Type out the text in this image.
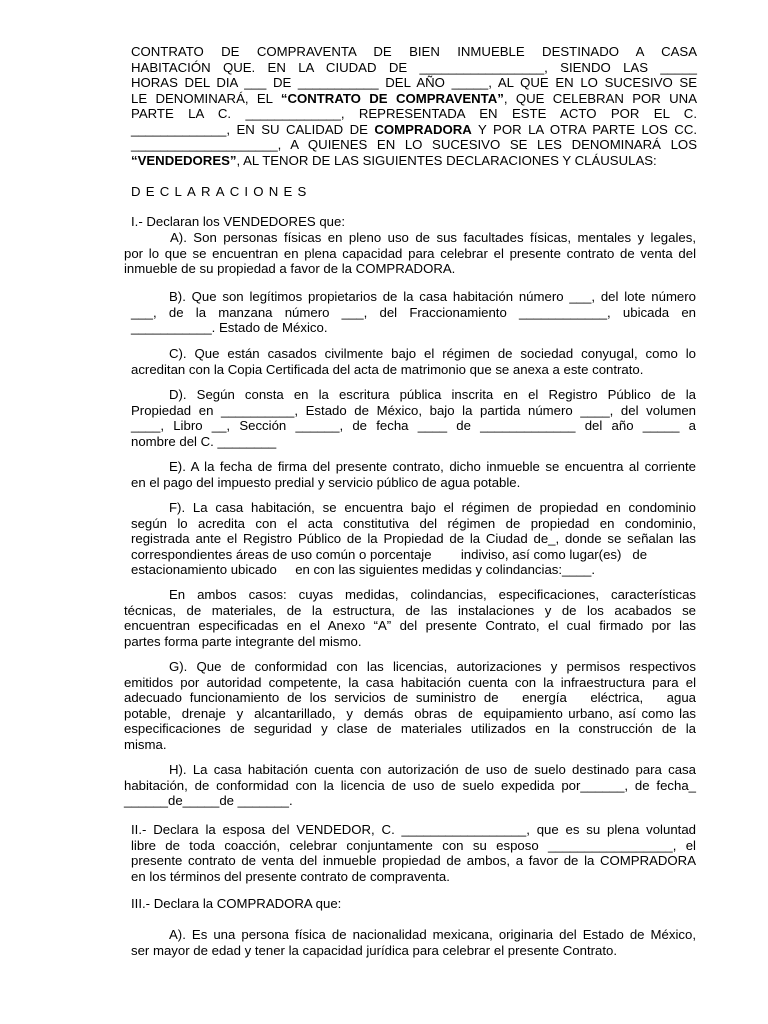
CONTRATO DE COMPRAVENTA DE BIEN INMUEBLE DESTINADO A CASA
HABITACIÓN QUE. EN LA CIUDAD DE _________________, SIENDO LAS _____
HORAS DEL DIA ___ DE ___________ DEL AÑO _____, AL QUE EN LO SUCESIVO SE
LE DENOMINARÁ, EL “CONTRATO DE COMPRAVENTA”, QUE CELEBRAN POR UNA
PARTE LA C. _____________, REPRESENTADA EN ESTE ACTO POR EL C.
_____________, EN SU CALIDAD DE COMPRADORA Y POR LA OTRA PARTE LOS CC.
____________________, A QUIENES EN LO SUCESIVO SE LES DENOMINARÁ LOS
“VENDEDORES”, AL TENOR DE LAS SIGUIENTES DECLARACIONES Y CLÁUSULAS:
DECLARACIONES
I.- Declaran los VENDEDORES que:
A). Son personas físicas en pleno uso de sus facultades físicas, mentales y legales,
por lo que se encuentran en plena capacidad para celebrar el presente contrato de venta del
inmueble de su propiedad a favor de la COMPRADORA.
B). Que son legítimos propietarios de la casa habitación número ___, del lote número
___, de la manzana número ___, del Fraccionamiento ____________, ubicada en
___________. Estado de México.
C). Que están casados civilmente bajo el régimen de sociedad conyugal, como lo
acreditan con la Copia Certificada del acta de matrimonio que se anexa a este contrato.
D). Según consta en la escritura pública inscrita en el Registro Público de la
Propiedad en __________, Estado de México, bajo la partida número ____, del volumen
____, Libro __, Sección ______, de fecha ____ de _____________ del año _____ a
nombre del C. ________
E). A la fecha de firma del presente contrato, dicho inmueble se encuentra al corriente
en el pago del impuesto predial y servicio público de agua potable.
F). La casa habitación, se encuentra bajo el régimen de propiedad en condominio
según lo acredita con el acta constitutiva del régimen de propiedad en condominio,
registrada ante el Registro Público de la Propiedad de la Ciudad de_, donde se señalan las
correspondientes áreas de uso común o porcentaje        indiviso, así como lugar(es)   de
estacionamiento ubicado     en con las siguientes medidas y colindancias:____.
En ambos casos: cuyas medidas, colindancias, especificaciones, características
técnicas, de materiales, de la estructura, de las instalaciones y de los acabados se
encuentran especificadas en el Anexo “A” del presente Contrato, el cual firmado por las
partes forma parte integrante del mismo.
G). Que de conformidad con las licencias, autorizaciones y permisos respectivos
emitidos por autoridad competente, la casa habitación cuenta con la infraestructura para el
adecuado funcionamiento de los servicios de suministro de   energía   eléctrica,   agua
potable,  drenaje  y  alcantarillado,  y  demás  obras  de  equipamiento urbano, así como las
especificaciones de seguridad y clase de materiales utilizados en la construcción de la
misma.
H). La casa habitación cuenta con autorización de uso de suelo destinado para casa
habitación, de conformidad con la licencia de uso de suelo expedida por______, de fecha_
______de_____de _______.
II.- Declara la esposa del VENDEDOR, C. _________________, que es su plena voluntad
libre de toda coacción, celebrar conjuntamente con su esposo _________________, el
presente contrato de venta del inmueble propiedad de ambos, a favor de la COMPRADORA
en los términos del presente contrato de compraventa.
III.- Declara la COMPRADORA que:
A). Es una persona física de nacionalidad mexicana, originaria del Estado de México,
ser mayor de edad y tener la capacidad jurídica para celebrar el presente Contrato.
